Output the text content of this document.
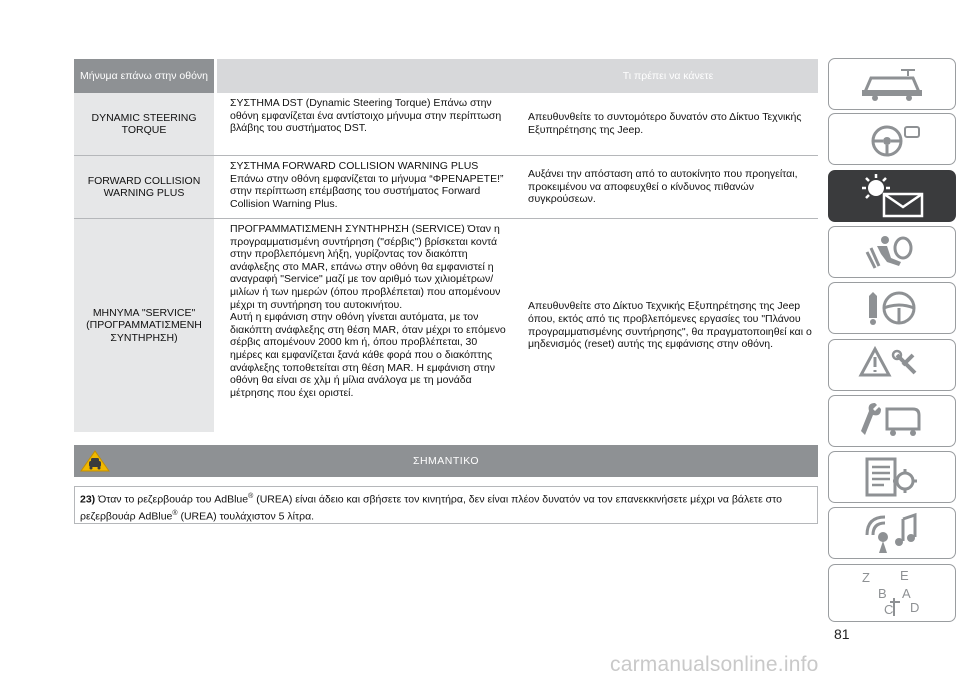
Μήνυμα επάνω στην οθόνη	Τι πρέπει να κάνετε
DYNAMIC STEERING TORQUE

ΣΥΣΤΗΜΑ DST (Dynamic Steering Torque) Επάνω στην οθόνη εμφανίζεται ένα αντίστοιχο μήνυμα στην περίπτωση βλάβης του συστήματος DST.

Απευθυνθείτε το συντομότερο δυνατόν στο Δίκτυο Τεχνικής Εξυπηρέτησης της Jeep.
FORWARD COLLISION WARNING PLUS

ΣΥΣΤΗΜΑ FORWARD COLLISION WARNING PLUS Επάνω στην οθόνη εμφανίζεται το μήνυμα “ΦΡΕΝΑΡΕΤΕ!” στην περίπτωση επέμβασης του συστήματος Forward Collision Warning Plus.

Αυξάνει την απόσταση από το αυτοκίνητο που προηγείται, προκειμένου να αποφευχθεί ο κίνδυνος πιθανών συγκρούσεων.
ΜΗΝΥΜΑ "SERVICE" (ΠΡΟΓΡΑΜΜΑΤΙΣΜΕΝΗ ΣΥΝΤΗΡΗΣΗ)

ΠΡΟΓΡΑΜΜΑΤΙΣΜΕΝΗ ΣΥΝΤΗΡΗΣΗ (SERVICE) Όταν η προγραμματισμένη συντήρηση ("σέρβις") βρίσκεται κοντά στην προβλεπόμενη λήξη, γυρίζοντας τον διακόπτη ανάφλεξης στο MAR, επάνω στην οθόνη θα εμφανιστεί η αναγραφή "Service" μαζί με τον αριθμό των χιλιομέτρων/μιλίων ή των ημερών (όπου προβλέπεται) που απομένουν μέχρι τη συντήρηση του αυτοκινήτου.

Αυτή η εμφάνιση στην οθόνη γίνεται αυτόματα, με τον διακόπτη ανάφλεξης στη θέση MAR, όταν μέχρι το επόμενο σέρβις απομένουν 2000 km ή, όπου προβλέπεται, 30 ημέρες και εμφανίζεται ξανά κάθε φορά που ο διακόπτης ανάφλεξης τοποθετείται στη θέση MAR. Η εμφάνιση στην οθόνη θα είναι σε χλμ ή μίλια ανάλογα με τη μονάδα μέτρησης που έχει οριστεί.

Απευθυνθείτε στο Δίκτυο Τεχνικής Εξυπηρέτησης της Jeep όπου, εκτός από τις προβλεπόμενες εργασίες του "Πλάνου προγραμματισμένης συντήρησης", θα πραγματοποιηθεί και ο μηδενισμός (reset) αυτής της εμφάνισης στην οθόνη.
ΣΗΜΑΝΤΙΚΟ
23) Όταν το ρεζερβουάρ του AdBlue® (UREA) είναι άδειο και σβήσετε τον κινητήρα, δεν είναι πλέον δυνατόν να τον επανεκκινήσετε μέχρι να βάλετε στο ρεζερβουάρ AdBlue® (UREA) τουλάχιστον 5 λίτρα.
Z E
B A
C D
81
carmanualsonline.info
